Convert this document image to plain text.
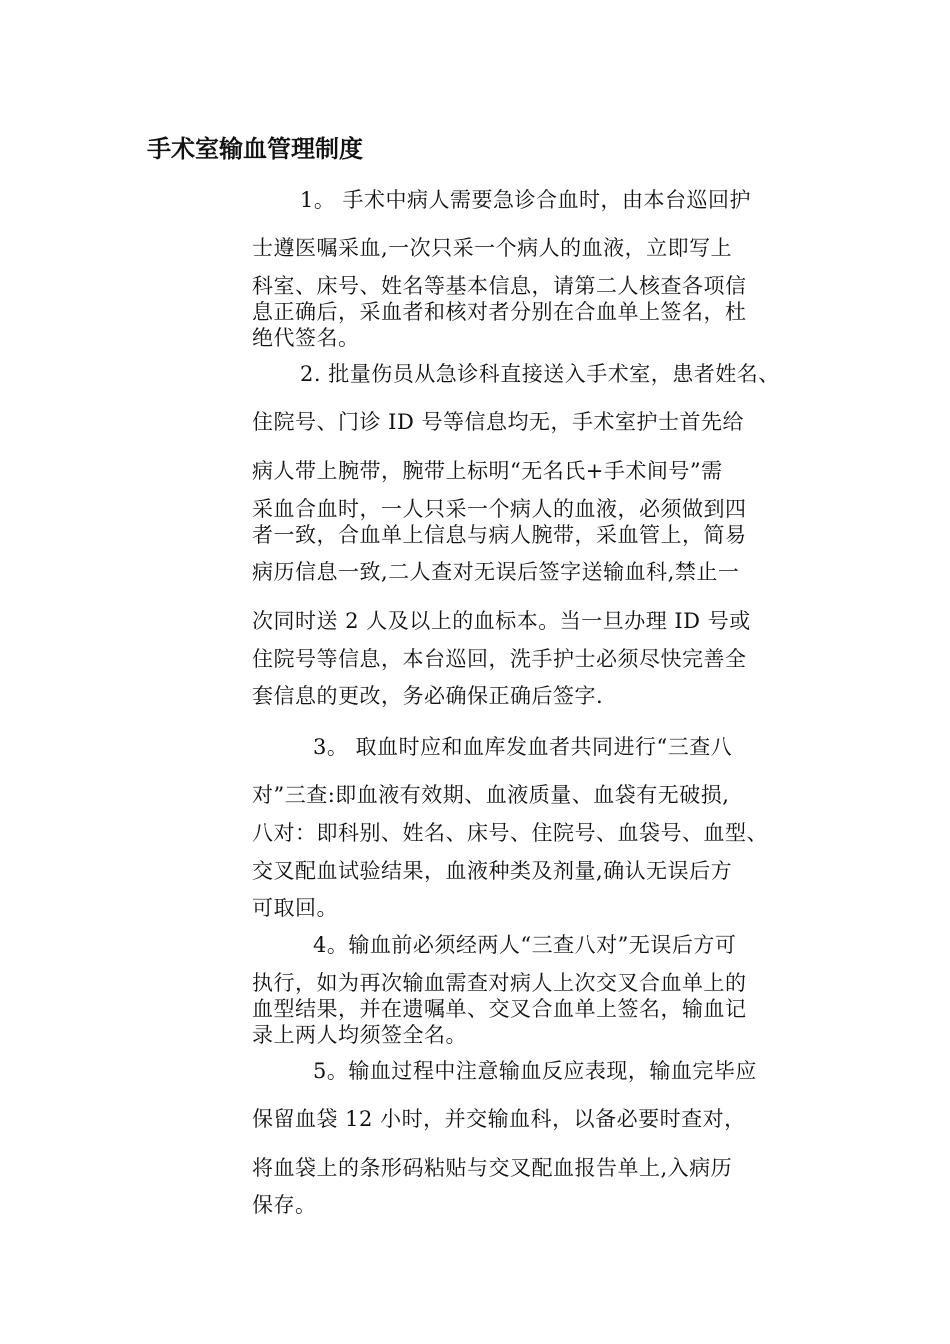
手术室输血管理制度
1。 手术中病人需要急诊合血时，由本台巡回护
士遵医嘱采血,一次只采一个病人的血液，立即写上
科室、床号、姓名等基本信息，请第二人核查各项信
息正确后，采血者和核对者分别在合血单上签名，杜
绝代签名。
2. 批量伤员从急诊科直接送入手术室，患者姓名、
住院号、门诊 ID 号等信息均无，手术室护士首先给
病人带上腕带，腕带上标明“无名氏+手术间号”需
采血合血时，一人只采一个病人的血液，必须做到四
者一致，合血单上信息与病人腕带，采血管上，简易
病历信息一致,二人查对无误后签字送输血科,禁止一
次同时送 2 人及以上的血标本。当一旦办理 ID 号或
住院号等信息，本台巡回，洗手护士必须尽快完善全
套信息的更改，务必确保正确后签字.
3。 取血时应和血库发血者共同进行“三查八
对”三查:即血液有效期、血液质量、血袋有无破损,
八对：即科别、姓名、床号、住院号、血袋号、血型、
交叉配血试验结果，血液种类及剂量,确认无误后方
可取回。
4。输血前必须经两人“三查八对”无误后方可
执行，如为再次输血需查对病人上次交叉合血单上的
血型结果，并在遗嘱单、交叉合血单上签名，输血记
录上两人均须签全名。
5。输血过程中注意输血反应表现，输血完毕应
保留血袋 12 小时，并交输血科，以备必要时查对，
将血袋上的条形码粘贴与交叉配血报告单上,入病历
保存。
